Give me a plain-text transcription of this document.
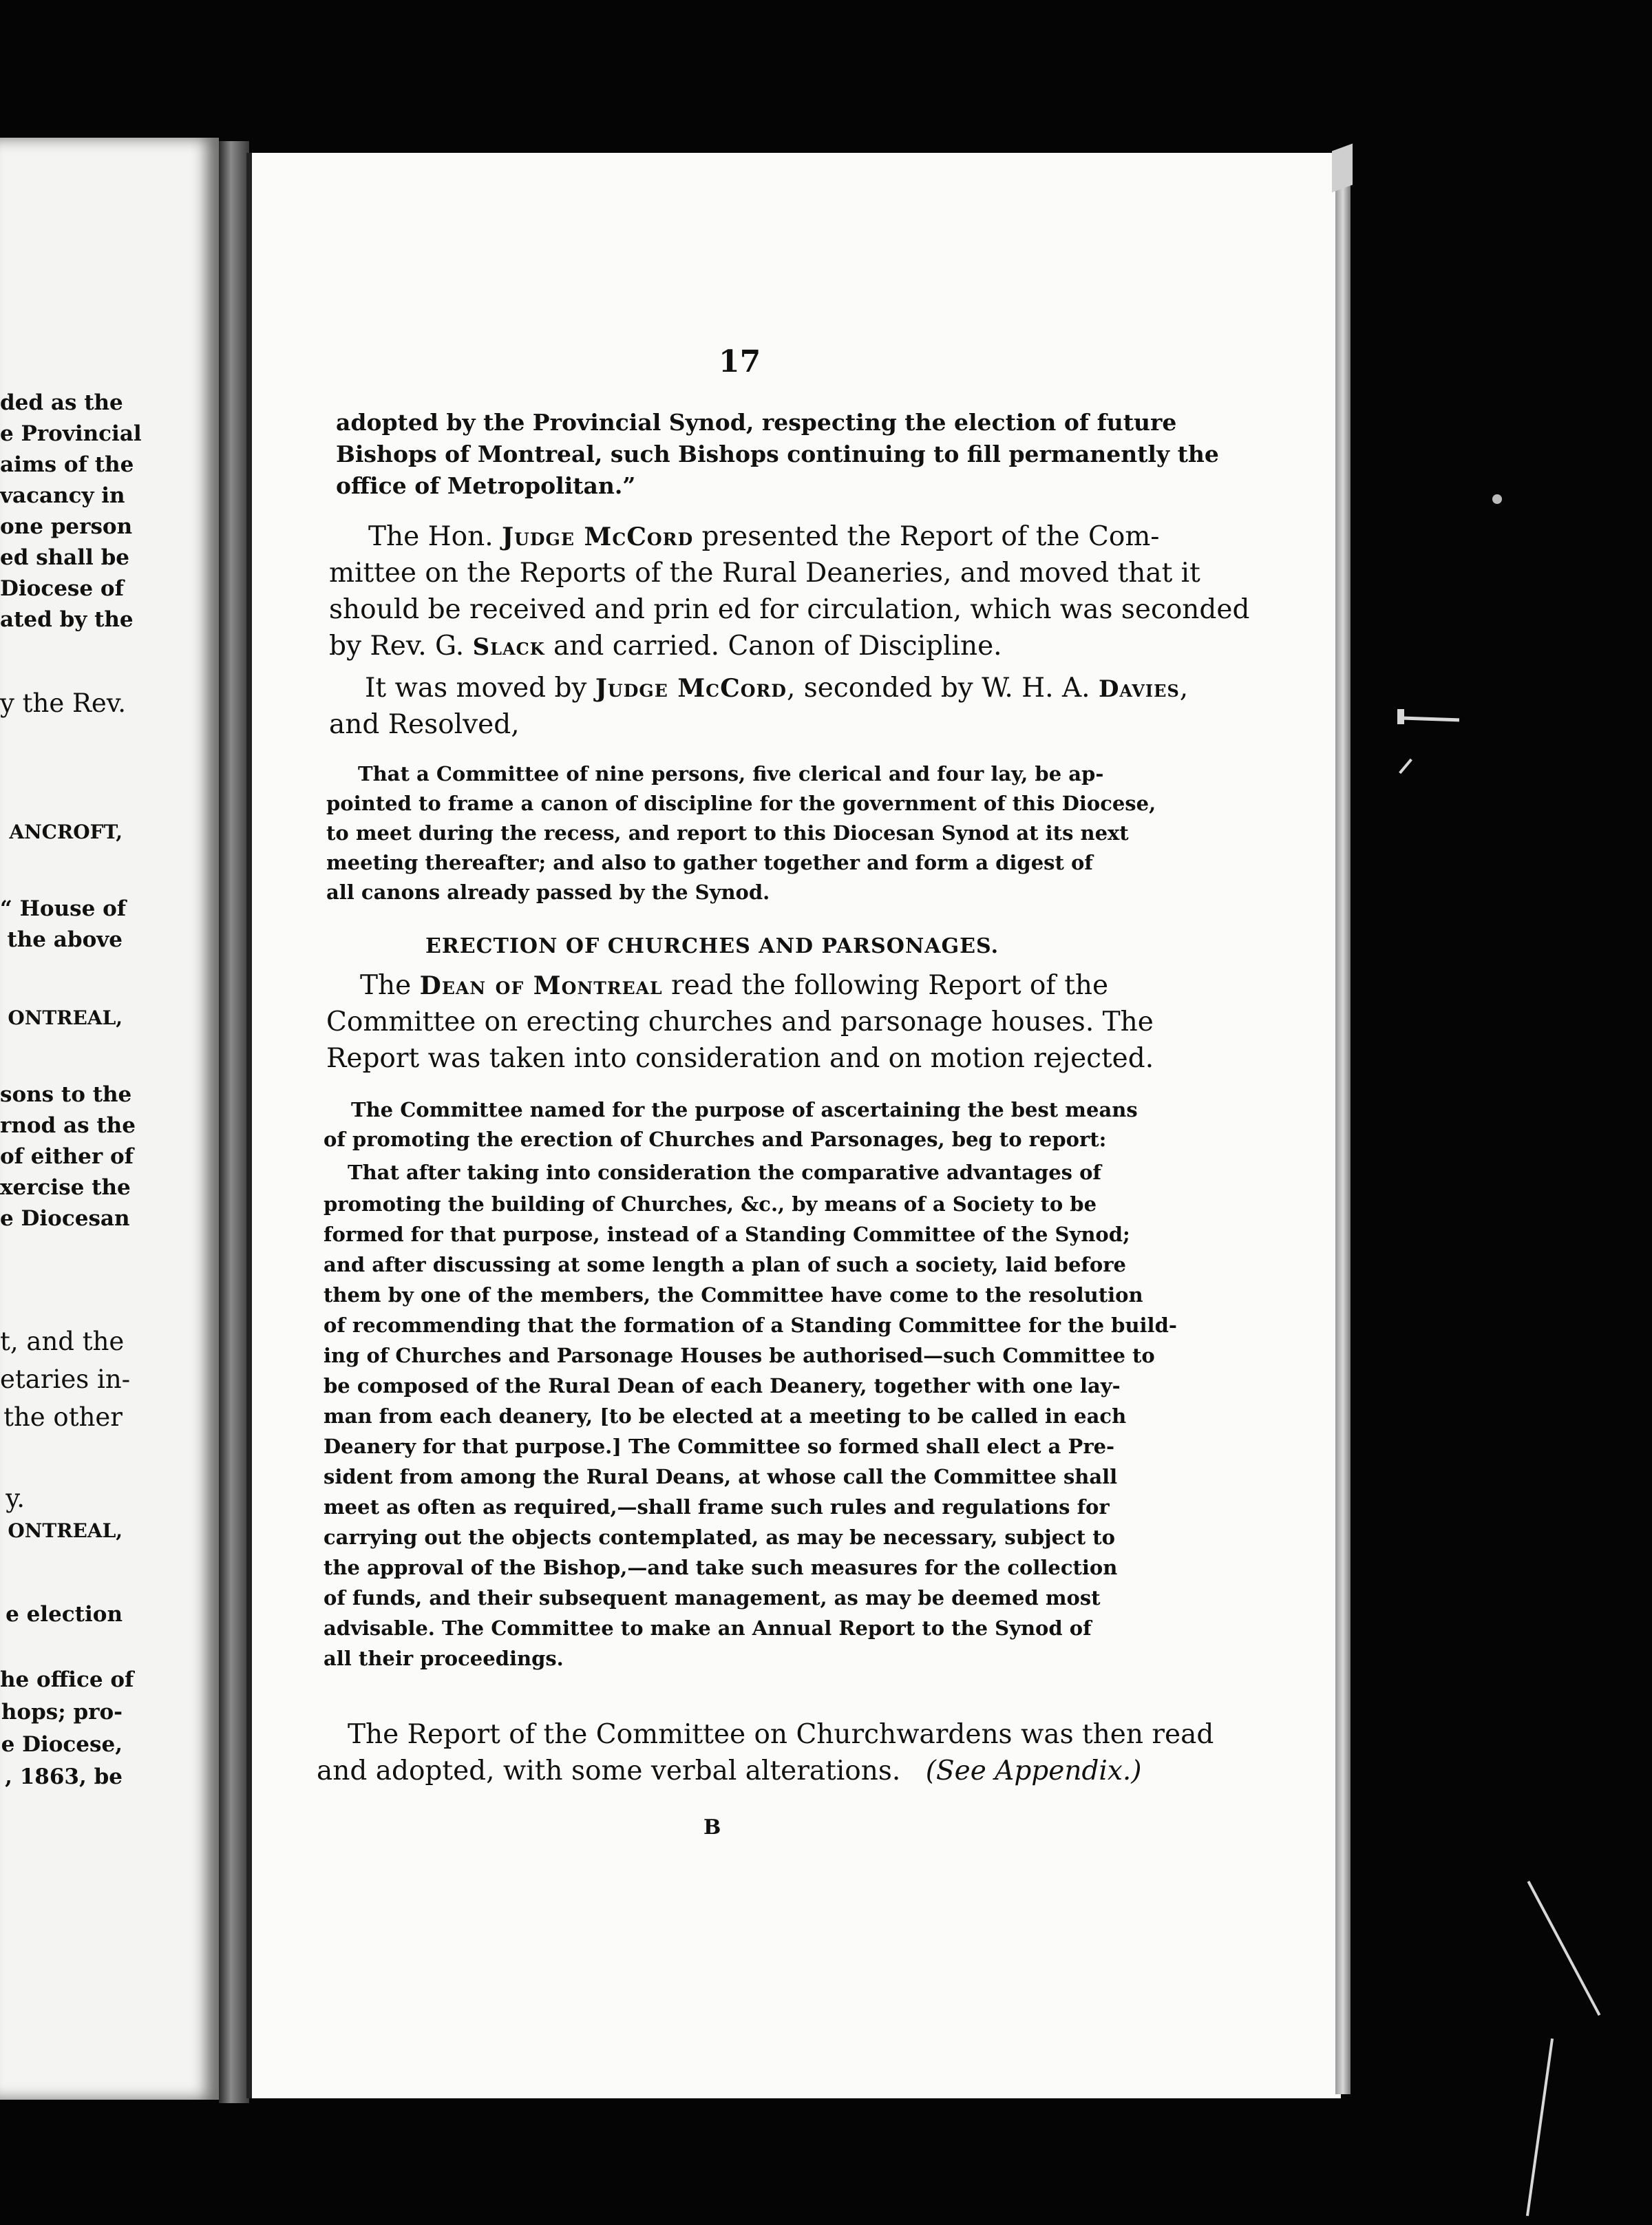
ded as the
e Provincial
aims of the
vacancy in
one person
ed shall be
Diocese of
ated by the
y the Rev.
ANCROFT,
“ House of
the above
ONTREAL,
sons to the
rnod as the
of either of
xercise the
e Diocesan
t, and the
etaries in-
the other
y.
ONTREAL,
e election
he office of
hops; pro-
e Diocese,
, 1863, be
17
adopted by the Provincial Synod, respecting the election of future
Bishops of Montreal, such Bishops continuing to fill permanently the
office of Metropolitan.”
The Hon. Judge McCord presented the Report of the Com-
mittee on the Reports of the Rural Deaneries, and moved that it
should be received and prin ed for circulation, which was seconded
by Rev. G. Slack and carried. Canon of Discipline.
It was moved by Judge McCord, seconded by W. H. A. Davies,
and Resolved,
That a Committee of nine persons, five clerical and four lay, be ap-
pointed to frame a canon of discipline for the government of this Diocese,
to meet during the recess, and report to this Diocesan Synod at its next
meeting thereafter; and also to gather together and form a digest of
all canons already passed by the Synod.
ERECTION OF CHURCHES AND PARSONAGES.
The Dean of Montreal read the following Report of the
Committee on erecting churches and parsonage houses. The
Report was taken into consideration and on motion rejected.
The Committee named for the purpose of ascertaining the best means
of promoting the erection of Churches and Parsonages, beg to report:
That after taking into consideration the comparative advantages of
promoting the building of Churches, &c., by means of a Society to be
formed for that purpose, instead of a Standing Committee of the Synod;
and after discussing at some length a plan of such a society, laid before
them by one of the members, the Committee have come to the resolution
of recommending that the formation of a Standing Committee for the build-
ing of Churches and Parsonage Houses be authorised—such Committee to
be composed of the Rural Dean of each Deanery, together with one lay-
man from each deanery, [to be elected at a meeting to be called in each
Deanery for that purpose.] The Committee so formed shall elect a Pre-
sident from among the Rural Deans, at whose call the Committee shall
meet as often as required,—shall frame such rules and regulations for
carrying out the objects contemplated, as may be necessary, subject to
the approval of the Bishop,—and take such measures for the collection
of funds, and their subsequent management, as may be deemed most
advisable. The Committee to make an Annual Report to the Synod of
all their proceedings.
The Report of the Committee on Churchwardens was then read
and adopted, with some verbal alterations. (See Appendix.)
B
